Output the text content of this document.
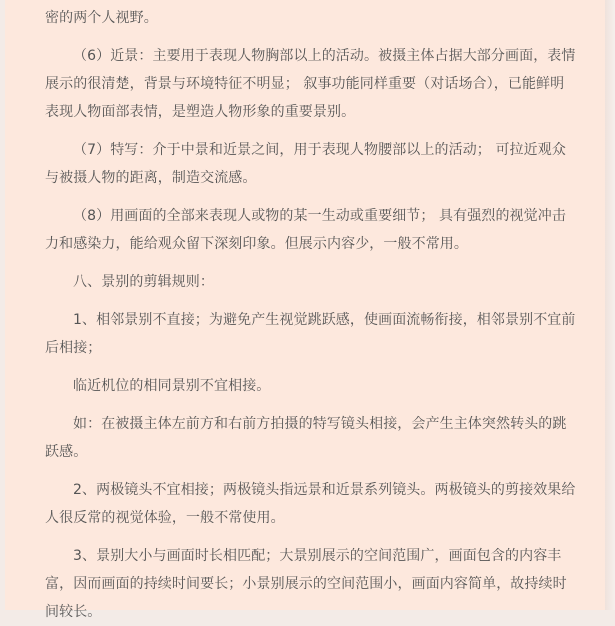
密的两个人视野。

（6）近景：主要用于表现人物胸部以上的活动。被摄主体占据大部分画面，表情展示的很清楚，背景与环境特征不明显； 叙事功能同样重要（对话场合），已能鲜明表现人物面部表情，是塑造人物形象的重要景别。

（7）特写：介于中景和近景之间，用于表现人物腰部以上的活动； 可拉近观众与被摄人物的距离，制造交流感。

（8）用画面的全部来表现人或物的某一生动或重要细节； 具有强烈的视觉冲击力和感染力，能给观众留下深刻印象。但展示内容少，一般不常用。

八、景别的剪辑规则：

1、相邻景别不直接；为避免产生视觉跳跃感，使画面流畅衔接，相邻景别不宜前后相接；

临近机位的相同景别不宜相接。

如：在被摄主体左前方和右前方拍摄的特写镜头相接，会产生主体突然转头的跳跃感。

2、两极镜头不宜相接；两极镜头指远景和近景系列镜头。两极镜头的剪接效果给人很反常的视觉体验，一般不常使用。

3、景别大小与画面时长相匹配；大景别展示的空间范围广，画面包含的内容丰富，因而画面的持续时间要长；小景别展示的空间范围小，画面内容简单，故持续时间较长。
